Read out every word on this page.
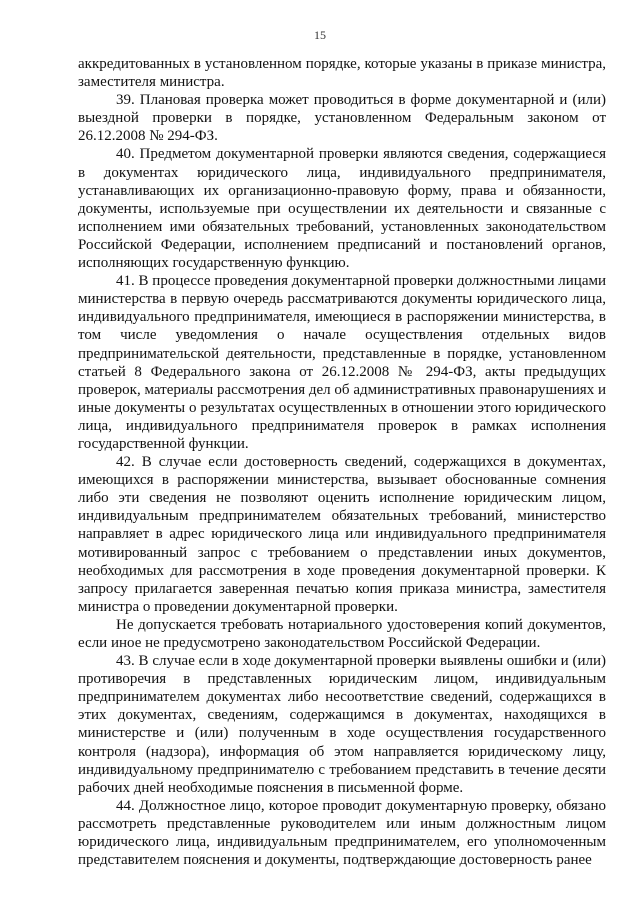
15

аккредитованных в установленном порядке, которые указаны в приказе министра, заместителя министра.

39. Плановая проверка может проводиться в форме документарной и (или) выездной проверки в порядке, установленном Федеральным законом от 26.12.2008 № 294-ФЗ.

40. Предметом документарной проверки являются сведения, содержащиеся в документах юридического лица, индивидуального предпринимателя, устанавливающих их организационно-правовую форму, права и обязанности, документы, используемые при осуществлении их деятельности и связанные с исполнением ими обязательных требований, установленных законодательством Российской Федерации, исполнением предписаний и постановлений органов, исполняющих государственную функцию.

41. В процессе проведения документарной проверки должностными лицами министерства в первую очередь рассматриваются документы юридического лица, индивидуального предпринимателя, имеющиеся в распоряжении министерства, в том числе уведомления о начале осуществления отдельных видов предпринимательской деятельности, представленные в порядке, установленном статьей 8 Федерального закона от 26.12.2008 № 294-ФЗ, акты предыдущих проверок, материалы рассмотрения дел об административных правонарушениях и иные документы о результатах осуществленных в отношении этого юридического лица, индивидуального предпринимателя проверок в рамках исполнения государственной функции.

42. В случае если достоверность сведений, содержащихся в документах, имеющихся в распоряжении министерства, вызывает обоснованные сомнения либо эти сведения не позволяют оценить исполнение юридическим лицом, индивидуальным предпринимателем обязательных требований, министерство направляет в адрес юридического лица или индивидуального предпринимателя мотивированный запрос с требованием о представлении иных документов, необходимых для рассмотрения в ходе проведения документарной проверки. К запросу прилагается заверенная печатью копия приказа министра, заместителя министра о проведении документарной проверки.

Не допускается требовать нотариального удостоверения копий документов, если иное не предусмотрено законодательством Российской Федерации.

43. В случае если в ходе документарной проверки выявлены ошибки и (или) противоречия в представленных юридическим лицом, индивидуальным предпринимателем документах либо несоответствие сведений, содержащихся в этих документах, сведениям, содержащимся в документах, находящихся в министерстве и (или) полученным в ходе осуществления государственного контроля (надзора), информация об этом направляется юридическому лицу, индивидуальному предпринимателю с требованием представить в течение десяти рабочих дней необходимые пояснения в письменной форме.

44. Должностное лицо, которое проводит документарную проверку, обязано рассмотреть представленные руководителем или иным должностным лицом юридического лица, индивидуальным предпринимателем, его уполномоченным представителем пояснения и документы, подтверждающие достоверность ранее
